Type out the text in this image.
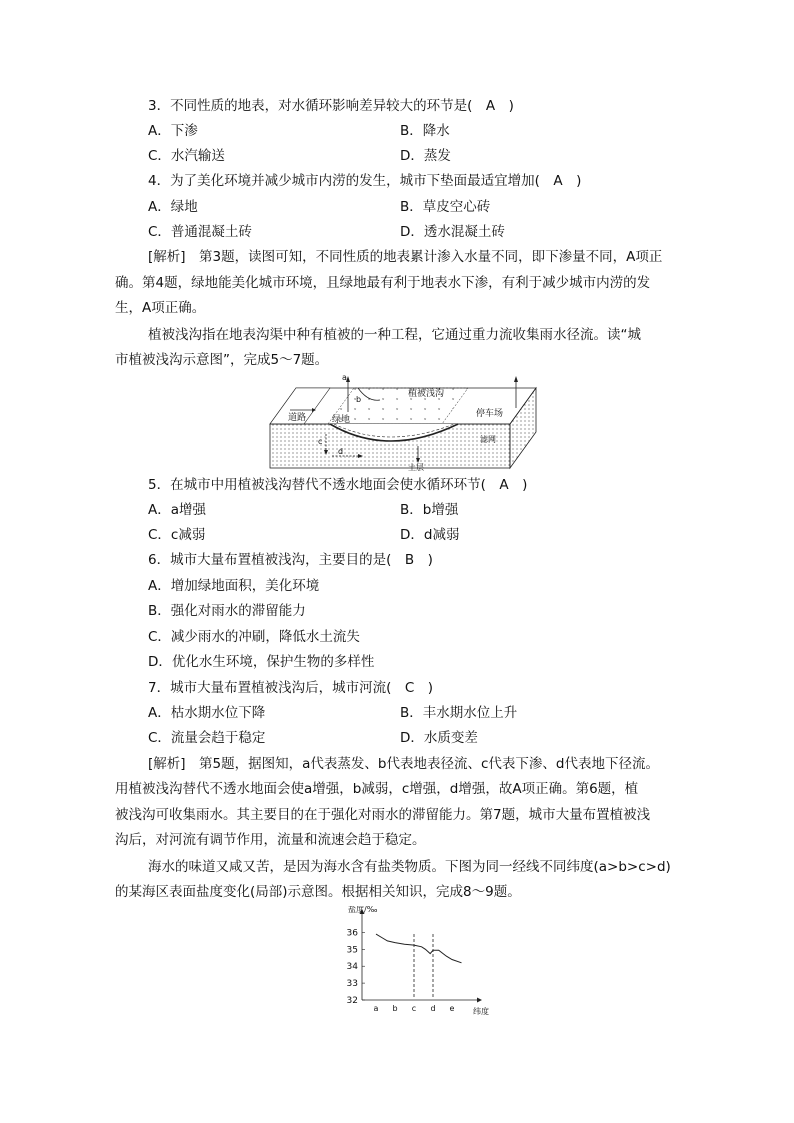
3．不同性质的地表，对水循环影响差异较大的环节是(　A　)
A．下渗	B．降水
C．水汽输送	D．蒸发
4．为了美化环境并减少城市内涝的发生，城市下垫面最适宜增加(　A　)
A．绿地	B．草皮空心砖
C．普通混凝土砖	D．透水混凝土砖
[解析]　第3题，读图可知，不同性质的地表累计渗入水量不同，即下渗量不同，A项正
确。第4题，绿地能美化城市环境，且绿地最有利于地表水下渗，有利于减少城市内涝的发
生，A项正确。
植被浅沟指在地表沟渠中种有植被的一种工程，它通过重力流收集雨水径流。读“城
市植被浅沟示意图”，完成5～7题。
道路	绿地
植被浅沟
停车场
滤网
土层
a
b
c
d
5．在城市中用植被浅沟替代不透水地面会使水循环环节(　A　)
A．a增强	B．b增强
C．c减弱	D．d减弱
6．城市大量布置植被浅沟，主要目的是(　B　)
A．增加绿地面积，美化环境
B．强化对雨水的滞留能力
C．减少雨水的冲刷，降低水土流失
D．优化水生环境，保护生物的多样性
7．城市大量布置植被浅沟后，城市河流(　C　)
A．枯水期水位下降	B．丰水期水位上升
C．流量会趋于稳定	D．水质变差
[解析]　第5题，据图知，a代表蒸发、b代表地表径流、c代表下渗、d代表地下径流。
用植被浅沟替代不透水地面会使a增强，b减弱，c增强，d增强，故A项正确。第6题，植
被浅沟可收集雨水。其主要目的在于强化对雨水的滞留能力。第7题，城市大量布置植被浅
沟后，对河流有调节作用，流量和流速会趋于稳定。
海水的味道又咸又苦，是因为海水含有盐类物质。下图为同一经线不同纬度(a>b>c>d)
的某海区表面盐度变化(局部)示意图。根据相关知识，完成8～9题。
32
33
34
35
36
盐度/‰
a b c d e 纬度
